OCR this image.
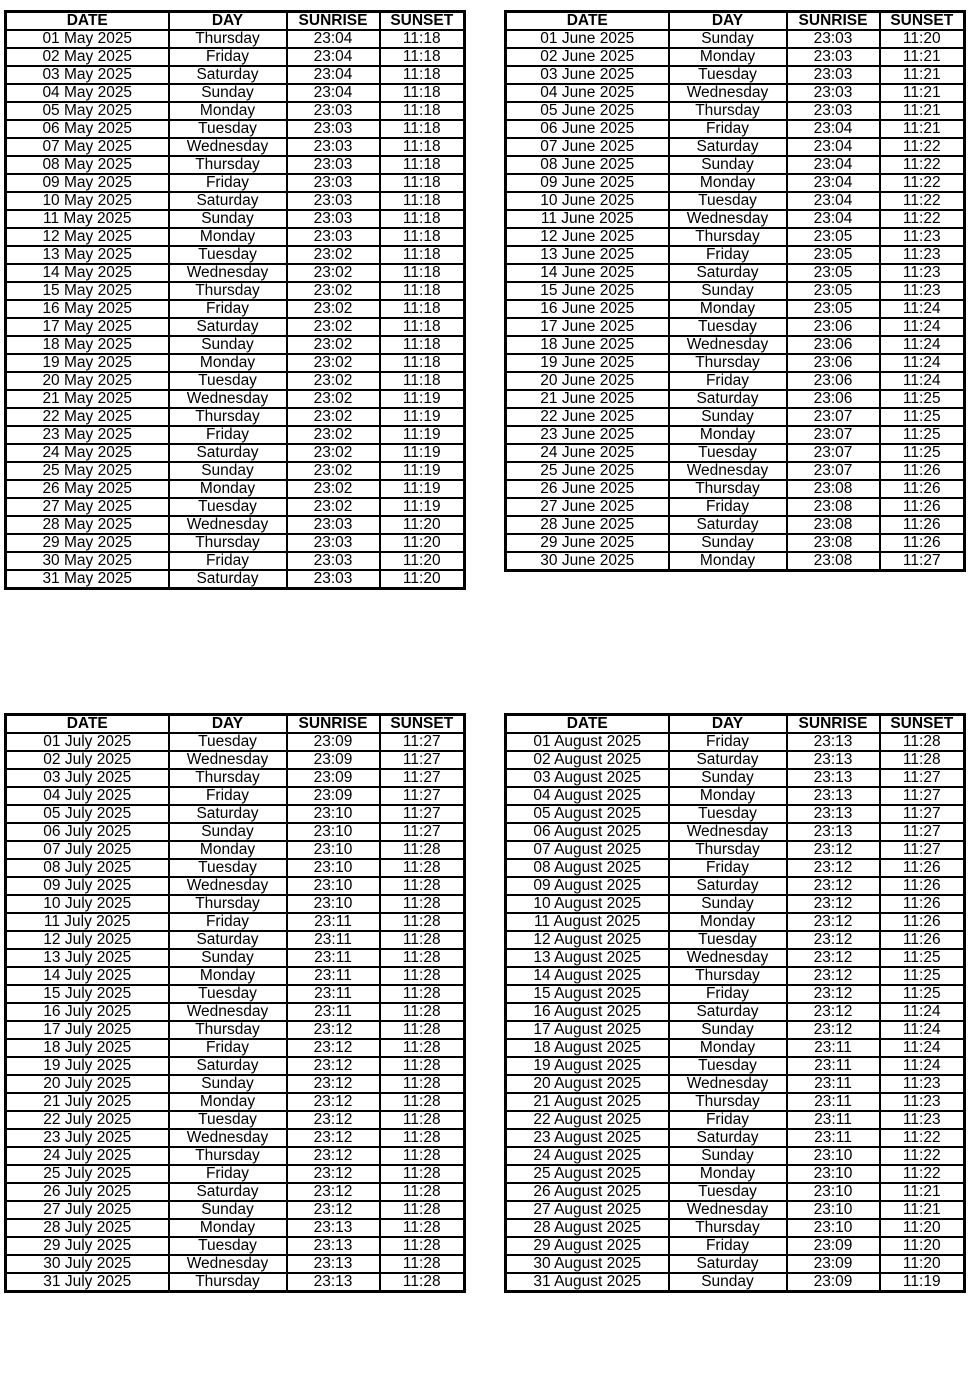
DATE	DAY	SUNRISE	SUNSET
01 May 2025	Thursday	23:04	11:18
02 May 2025	Friday	23:04	11:18
03 May 2025	Saturday	23:04	11:18
04 May 2025	Sunday	23:04	11:18
05 May 2025	Monday	23:03	11:18
06 May 2025	Tuesday	23:03	11:18
07 May 2025	Wednesday	23:03	11:18
08 May 2025	Thursday	23:03	11:18
09 May 2025	Friday	23:03	11:18
10 May 2025	Saturday	23:03	11:18
11 May 2025	Sunday	23:03	11:18
12 May 2025	Monday	23:03	11:18
13 May 2025	Tuesday	23:02	11:18
14 May 2025	Wednesday	23:02	11:18
15 May 2025	Thursday	23:02	11:18
16 May 2025	Friday	23:02	11:18
17 May 2025	Saturday	23:02	11:18
18 May 2025	Sunday	23:02	11:18
19 May 2025	Monday	23:02	11:18
20 May 2025	Tuesday	23:02	11:18
21 May 2025	Wednesday	23:02	11:19
22 May 2025	Thursday	23:02	11:19
23 May 2025	Friday	23:02	11:19
24 May 2025	Saturday	23:02	11:19
25 May 2025	Sunday	23:02	11:19
26 May 2025	Monday	23:02	11:19
27 May 2025	Tuesday	23:02	11:19
28 May 2025	Wednesday	23:03	11:20
29 May 2025	Thursday	23:03	11:20
30 May 2025	Friday	23:03	11:20
31 May 2025	Saturday	23:03	11:20
DATE	DAY	SUNRISE	SUNSET
01 June 2025	Sunday	23:03	11:20
02 June 2025	Monday	23:03	11:21
03 June 2025	Tuesday	23:03	11:21
04 June 2025	Wednesday	23:03	11:21
05 June 2025	Thursday	23:03	11:21
06 June 2025	Friday	23:04	11:21
07 June 2025	Saturday	23:04	11:22
08 June 2025	Sunday	23:04	11:22
09 June 2025	Monday	23:04	11:22
10 June 2025	Tuesday	23:04	11:22
11 June 2025	Wednesday	23:04	11:22
12 June 2025	Thursday	23:05	11:23
13 June 2025	Friday	23:05	11:23
14 June 2025	Saturday	23:05	11:23
15 June 2025	Sunday	23:05	11:23
16 June 2025	Monday	23:05	11:24
17 June 2025	Tuesday	23:06	11:24
18 June 2025	Wednesday	23:06	11:24
19 June 2025	Thursday	23:06	11:24
20 June 2025	Friday	23:06	11:24
21 June 2025	Saturday	23:06	11:25
22 June 2025	Sunday	23:07	11:25
23 June 2025	Monday	23:07	11:25
24 June 2025	Tuesday	23:07	11:25
25 June 2025	Wednesday	23:07	11:26
26 June 2025	Thursday	23:08	11:26
27 June 2025	Friday	23:08	11:26
28 June 2025	Saturday	23:08	11:26
29 June 2025	Sunday	23:08	11:26
30 June 2025	Monday	23:08	11:27
DATE	DAY	SUNRISE	SUNSET
01 July 2025	Tuesday	23:09	11:27
02 July 2025	Wednesday	23:09	11:27
03 July 2025	Thursday	23:09	11:27
04 July 2025	Friday	23:09	11:27
05 July 2025	Saturday	23:10	11:27
06 July 2025	Sunday	23:10	11:27
07 July 2025	Monday	23:10	11:28
08 July 2025	Tuesday	23:10	11:28
09 July 2025	Wednesday	23:10	11:28
10 July 2025	Thursday	23:10	11:28
11 July 2025	Friday	23:11	11:28
12 July 2025	Saturday	23:11	11:28
13 July 2025	Sunday	23:11	11:28
14 July 2025	Monday	23:11	11:28
15 July 2025	Tuesday	23:11	11:28
16 July 2025	Wednesday	23:11	11:28
17 July 2025	Thursday	23:12	11:28
18 July 2025	Friday	23:12	11:28
19 July 2025	Saturday	23:12	11:28
20 July 2025	Sunday	23:12	11:28
21 July 2025	Monday	23:12	11:28
22 July 2025	Tuesday	23:12	11:28
23 July 2025	Wednesday	23:12	11:28
24 July 2025	Thursday	23:12	11:28
25 July 2025	Friday	23:12	11:28
26 July 2025	Saturday	23:12	11:28
27 July 2025	Sunday	23:12	11:28
28 July 2025	Monday	23:13	11:28
29 July 2025	Tuesday	23:13	11:28
30 July 2025	Wednesday	23:13	11:28
31 July 2025	Thursday	23:13	11:28
DATE	DAY	SUNRISE	SUNSET
01 August 2025	Friday	23:13	11:28
02 August 2025	Saturday	23:13	11:28
03 August 2025	Sunday	23:13	11:27
04 August 2025	Monday	23:13	11:27
05 August 2025	Tuesday	23:13	11:27
06 August 2025	Wednesday	23:13	11:27
07 August 2025	Thursday	23:12	11:27
08 August 2025	Friday	23:12	11:26
09 August 2025	Saturday	23:12	11:26
10 August 2025	Sunday	23:12	11:26
11 August 2025	Monday	23:12	11:26
12 August 2025	Tuesday	23:12	11:26
13 August 2025	Wednesday	23:12	11:25
14 August 2025	Thursday	23:12	11:25
15 August 2025	Friday	23:12	11:25
16 August 2025	Saturday	23:12	11:24
17 August 2025	Sunday	23:12	11:24
18 August 2025	Monday	23:11	11:24
19 August 2025	Tuesday	23:11	11:24
20 August 2025	Wednesday	23:11	11:23
21 August 2025	Thursday	23:11	11:23
22 August 2025	Friday	23:11	11:23
23 August 2025	Saturday	23:11	11:22
24 August 2025	Sunday	23:10	11:22
25 August 2025	Monday	23:10	11:22
26 August 2025	Tuesday	23:10	11:21
27 August 2025	Wednesday	23:10	11:21
28 August 2025	Thursday	23:10	11:20
29 August 2025	Friday	23:09	11:20
30 August 2025	Saturday	23:09	11:20
31 August 2025	Sunday	23:09	11:19
